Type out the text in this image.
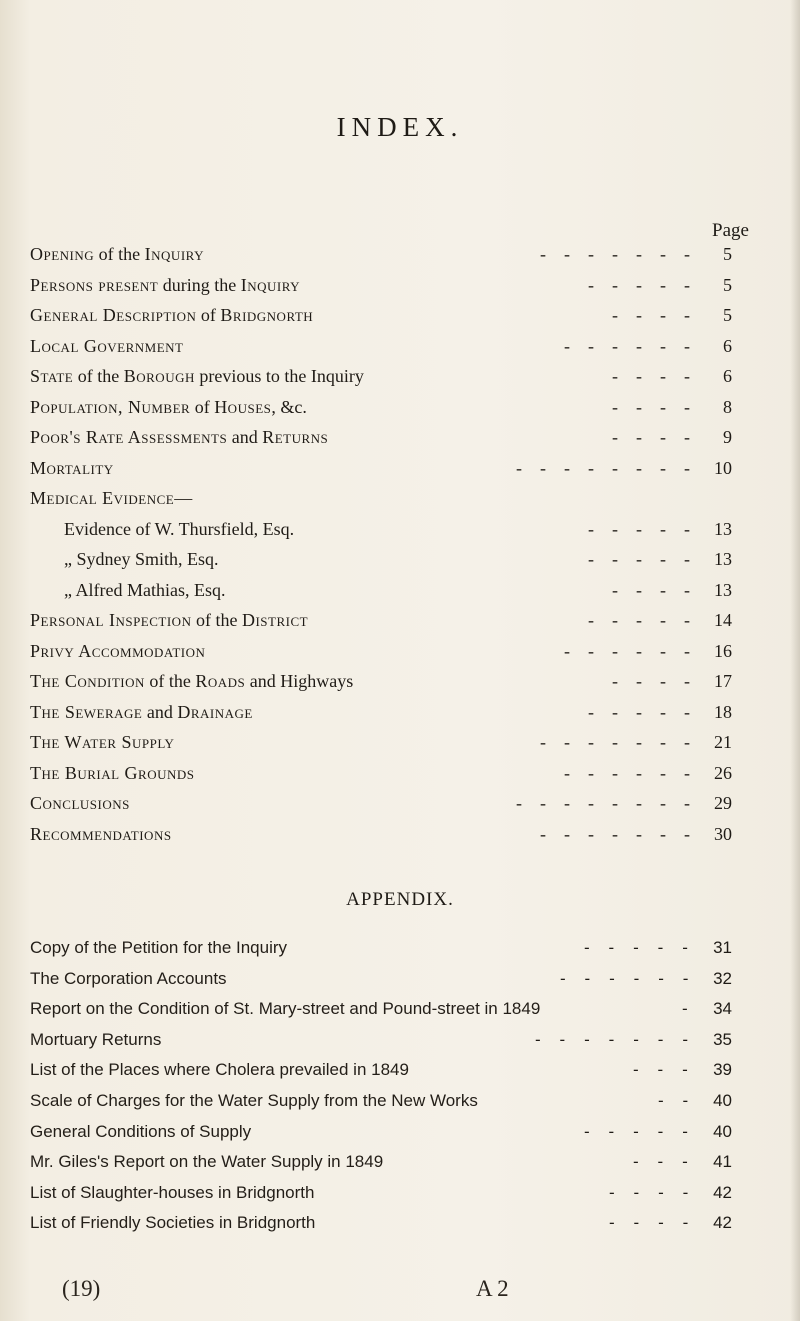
INDEX.
Page
Opening of the Inquiry	-    -    -    -    -    -    -	5
Persons present during the Inquiry	-    -    -    -    -	5
General Description of Bridgnorth	-    -    -    -	5
Local Government	-    -    -    -    -    -	6
State of the Borough previous to the Inquiry	-    -    -    -	6
Population, Number of Houses, &c.	-    -    -    -	8
Poor's Rate Assessments and Returns	-    -    -    -	9
Mortality	-    -    -    -    -    -    -    -	10
Medical Evidence—
Evidence of W. Thursfield, Esq.	-    -    -    -    -	13
„ Sydney Smith, Esq.	-    -    -    -    -	13
„ Alfred Mathias, Esq.	-    -    -    -	13
Personal Inspection of the District	-    -    -    -    -	14
Privy Accommodation	-    -    -    -    -    -	16
The Condition of the Roads and Highways	-    -    -    -	17
The Sewerage and Drainage	-    -    -    -    -	18
The Water Supply	-    -    -    -    -    -    -	21
The Burial Grounds	-    -    -    -    -    -	26
Conclusions	-    -    -    -    -    -    -    -	29
Recommendations	-    -    -    -    -    -    -	30
APPENDIX.
Copy of the Petition for the Inquiry	-    -    -    -    -	31
The Corporation Accounts	-    -    -    -    -    -	32
Report on the Condition of St. Mary-street and Pound-street in 1849	-	34
Mortuary Returns	-    -    -    -    -    -    -	35
List of the Places where Cholera prevailed in 1849	-    -    -	39
Scale of Charges for the Water Supply from the New Works	-    -	40
General Conditions of Supply	-    -    -    -    -	40
Mr. Giles's Report on the Water Supply in 1849	-    -    -	41
List of Slaughter-houses in Bridgnorth	-    -    -    -	42
List of Friendly Societies in Bridgnorth	-    -    -    -	42
(19)	A 2
